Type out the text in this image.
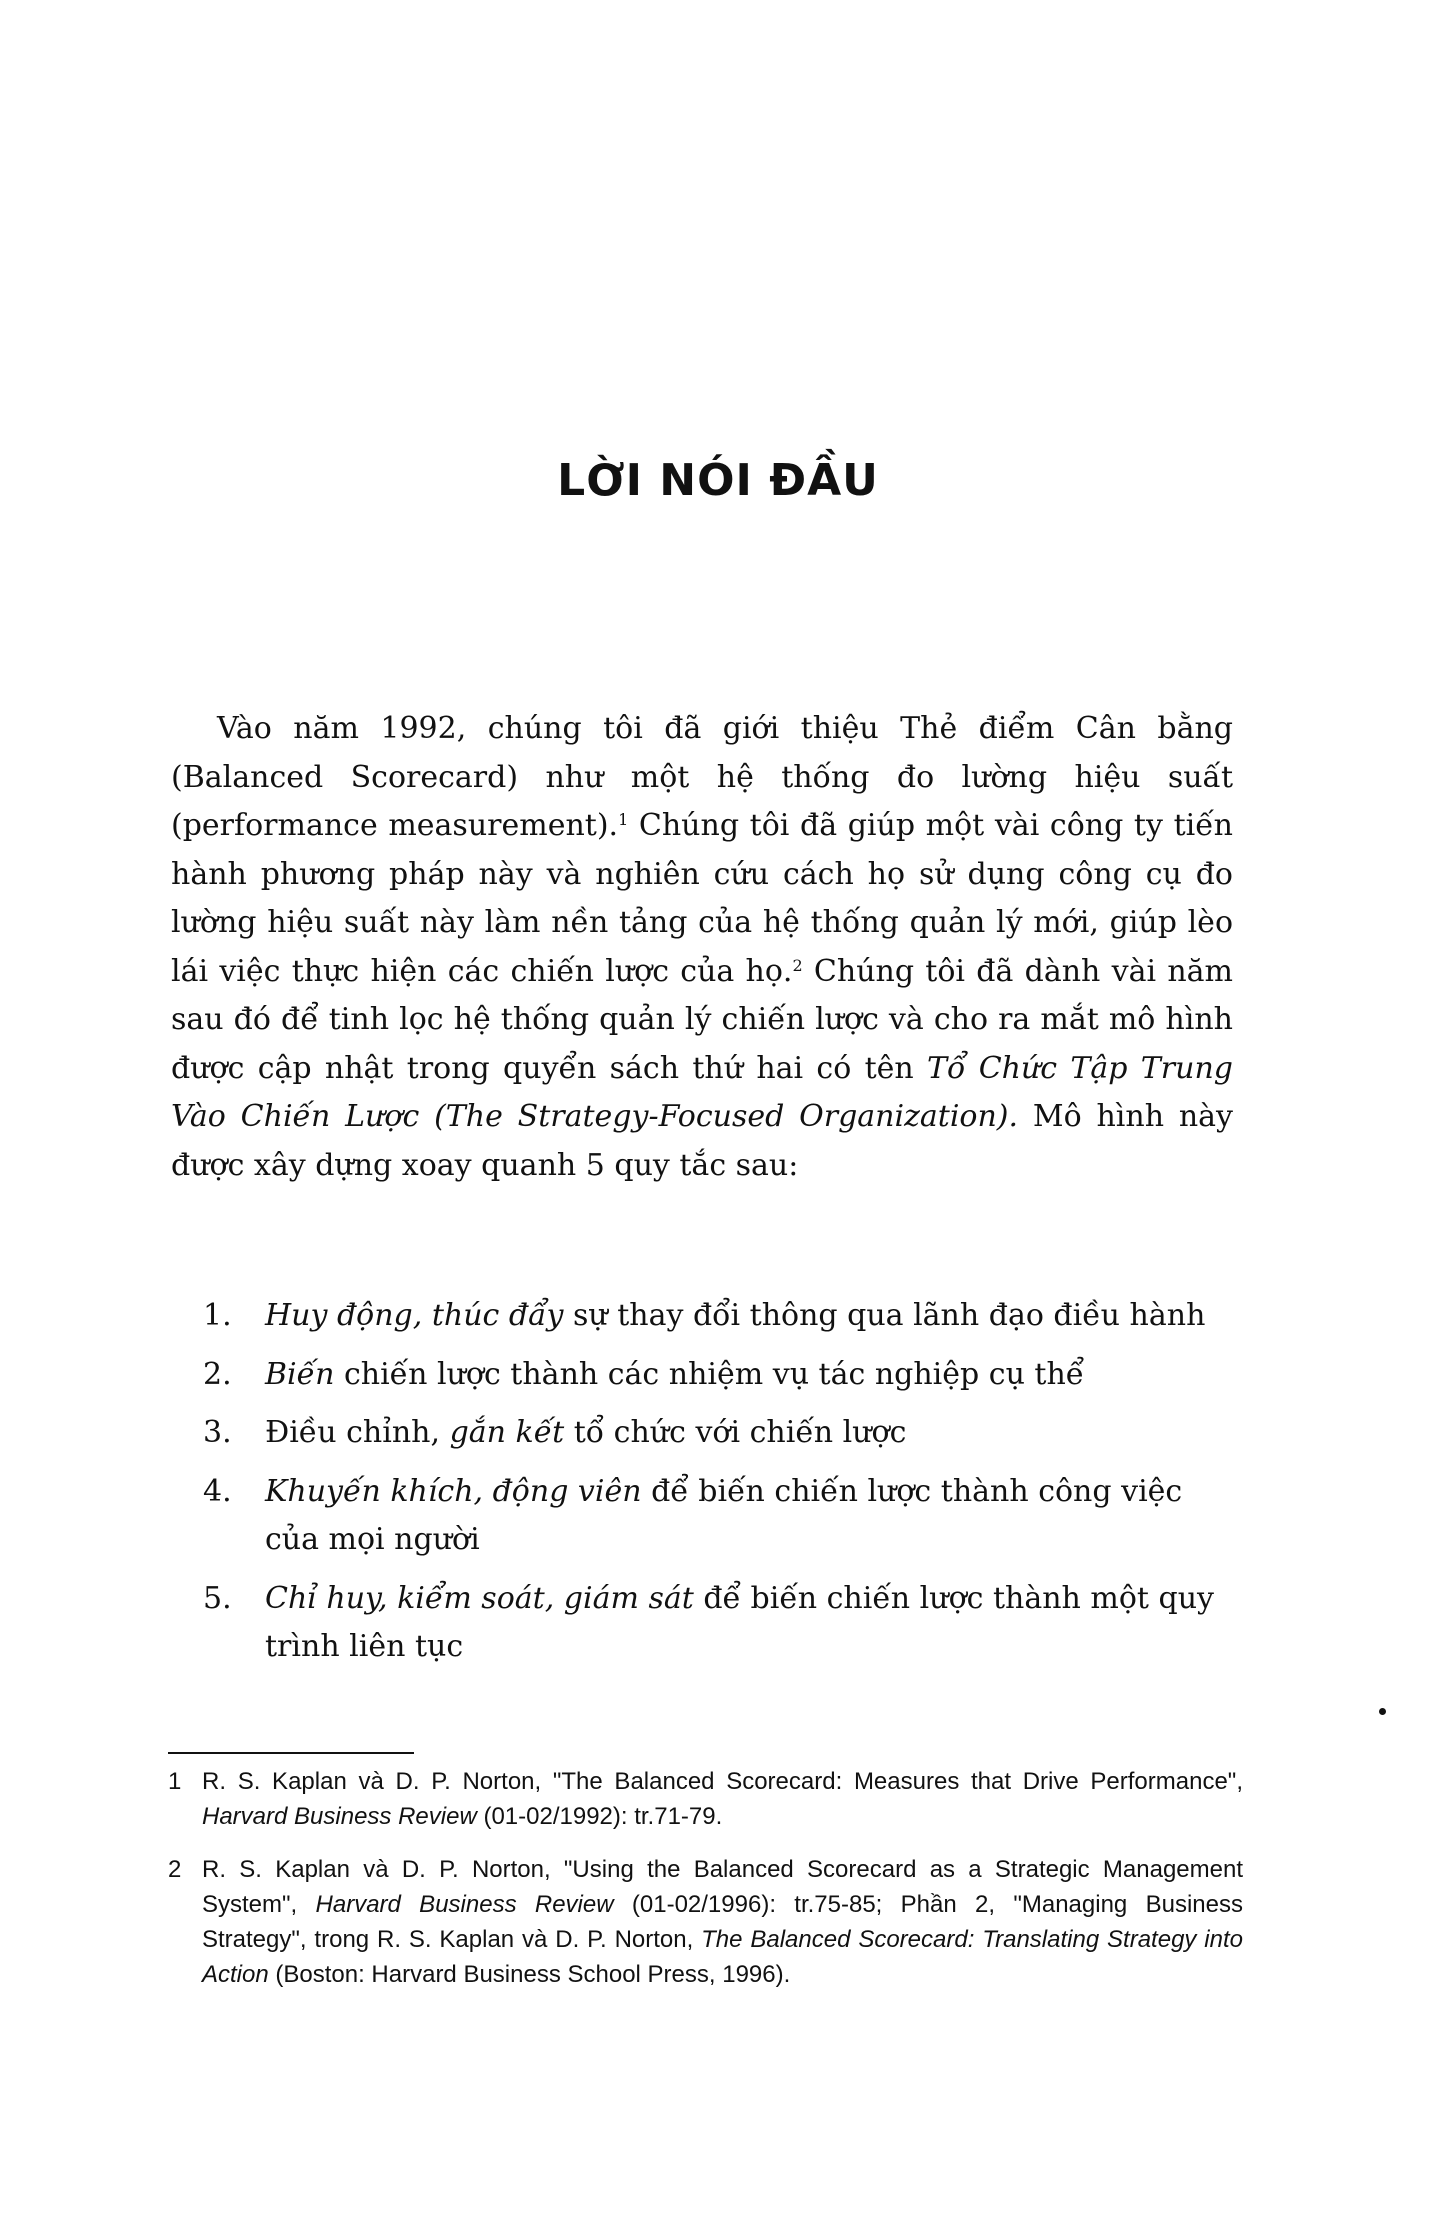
LỜI NÓI ĐẦU

Vào năm 1992, chúng tôi đã giới thiệu Thẻ điểm Cân bằng (Balanced Scorecard) như một hệ thống đo lường hiệu suất (performance measurement).$^1$ Chúng tôi đã giúp một vài công ty tiến hành phương pháp này và nghiên cứu cách họ sử dụng công cụ đo lường hiệu suất này làm nền tảng của hệ thống quản lý mới, giúp lèo lái việc thực hiện các chiến lược của họ.$^2$ Chúng tôi đã dành vài năm sau đó để tinh lọc hệ thống quản lý chiến lược và cho ra mắt mô hình được cập nhật trong quyển sách thứ hai có tên Tổ Chức Tập Trung Vào Chiến Lược (The Strategy-Focused Organization). Mô hình này được xây dựng xoay quanh 5 quy tắc sau:

1.	Huy động, thúc đẩy sự thay đổi thông qua lãnh đạo điều hành
2.	Biến chiến lược thành các nhiệm vụ tác nghiệp cụ thể
3.	Điều chỉnh, gắn kết tổ chức với chiến lược
4.	Khuyến khích, động viên để biến chiến lược thành công việc của mọi người
5.	Chỉ huy, kiểm soát, giám sát để biến chiến lược thành một quy trình liên tục
1 R. S. Kaplan và D. P. Norton, "The Balanced Scorecard: Measures that Drive Performance", Harvard Business Review (01-02/1992): tr.71-79.
2 R. S. Kaplan và D. P. Norton, "Using the Balanced Scorecard as a Strategic Management System", Harvard Business Review (01-02/1996): tr.75-85; Phần 2, "Managing Business Strategy", trong R. S. Kaplan và D. P. Norton, The Balanced Scorecard: Translating Strategy into Action (Boston: Harvard Business School Press, 1996).
